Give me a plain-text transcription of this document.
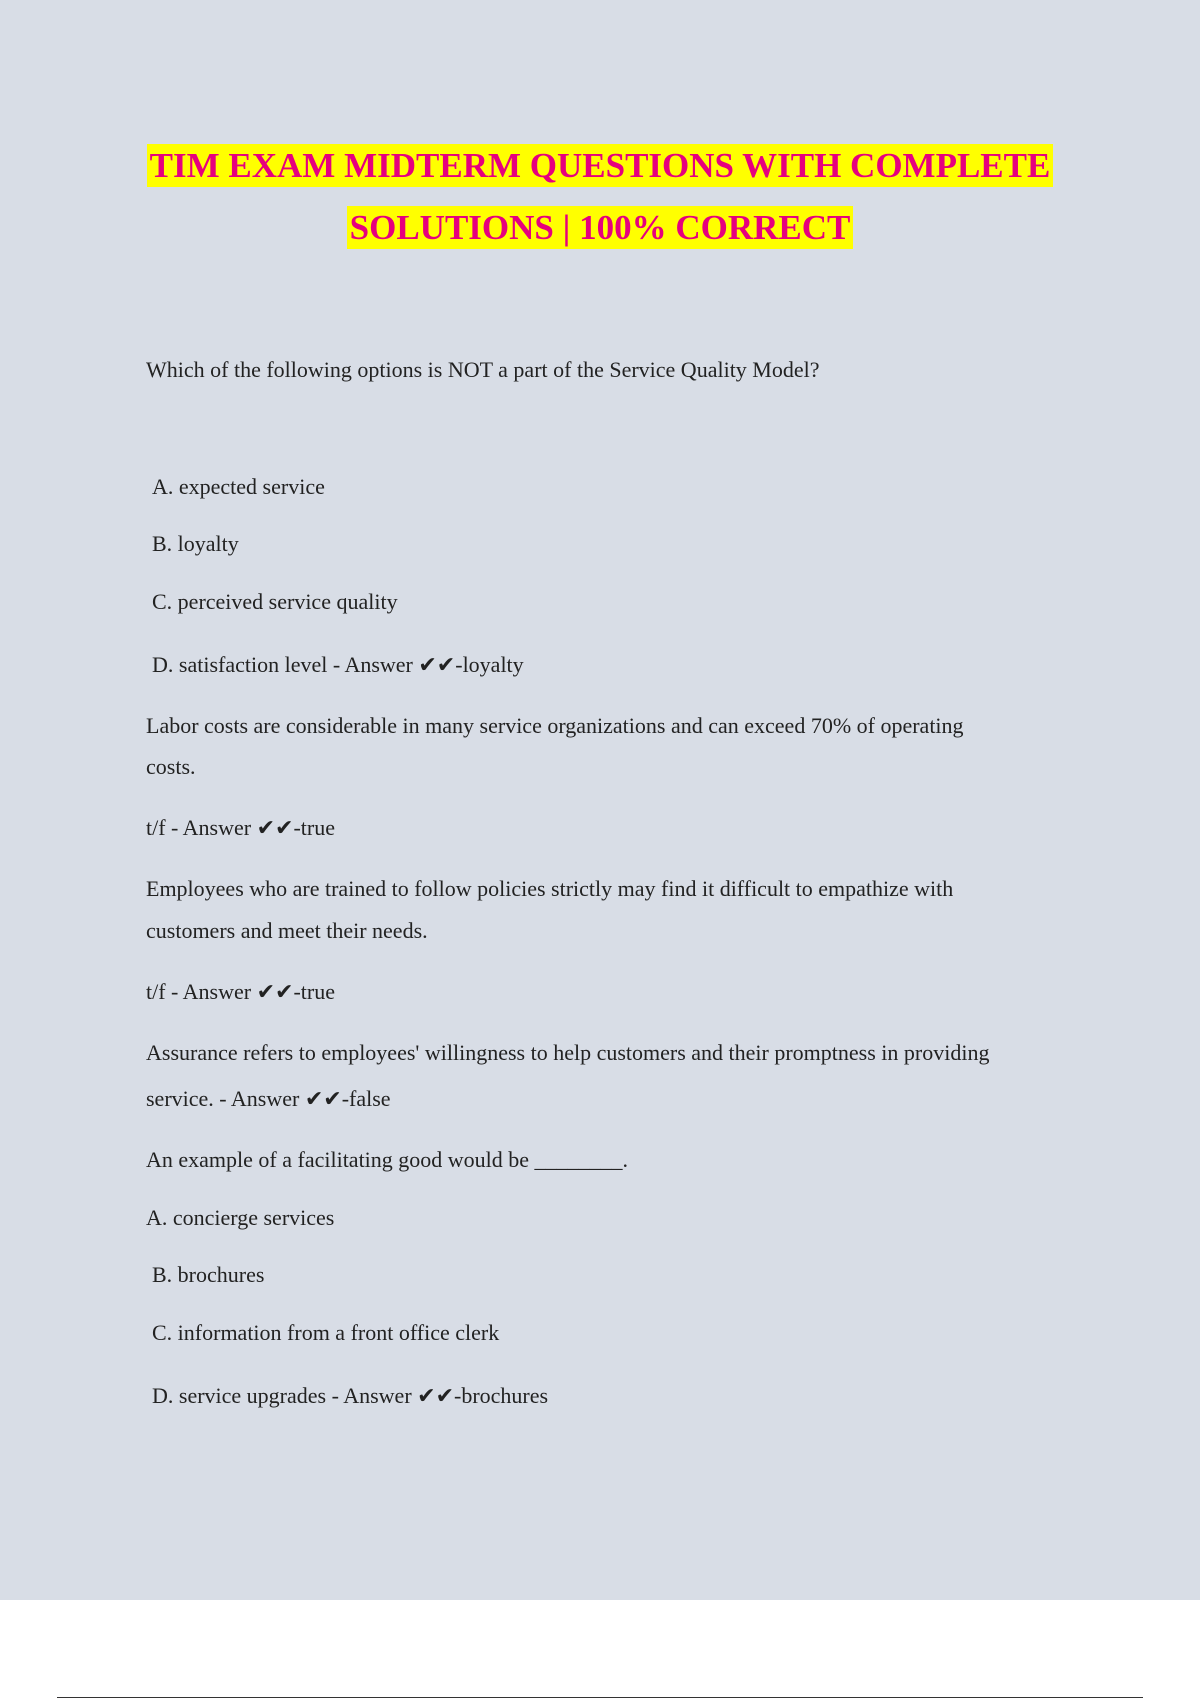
TIM EXAM MIDTERM QUESTIONS WITH COMPLETE
SOLUTIONS | 100% CORRECT
Which of the following options is NOT a part of the Service Quality Model?
A. expected service
B. loyalty
C. perceived service quality
D. satisfaction level - Answer ✔✔-loyalty
Labor costs are considerable in many service organizations and can exceed 70% of operating
costs.
t/f - Answer ✔✔-true
Employees who are trained to follow policies strictly may find it difficult to empathize with
customers and meet their needs.
t/f - Answer ✔✔-true
Assurance refers to employees' willingness to help customers and their promptness in providing
service. - Answer ✔✔-false
An example of a facilitating good would be ________.
A. concierge services
B. brochures
C. information from a front office clerk
D. service upgrades - Answer ✔✔-brochures
